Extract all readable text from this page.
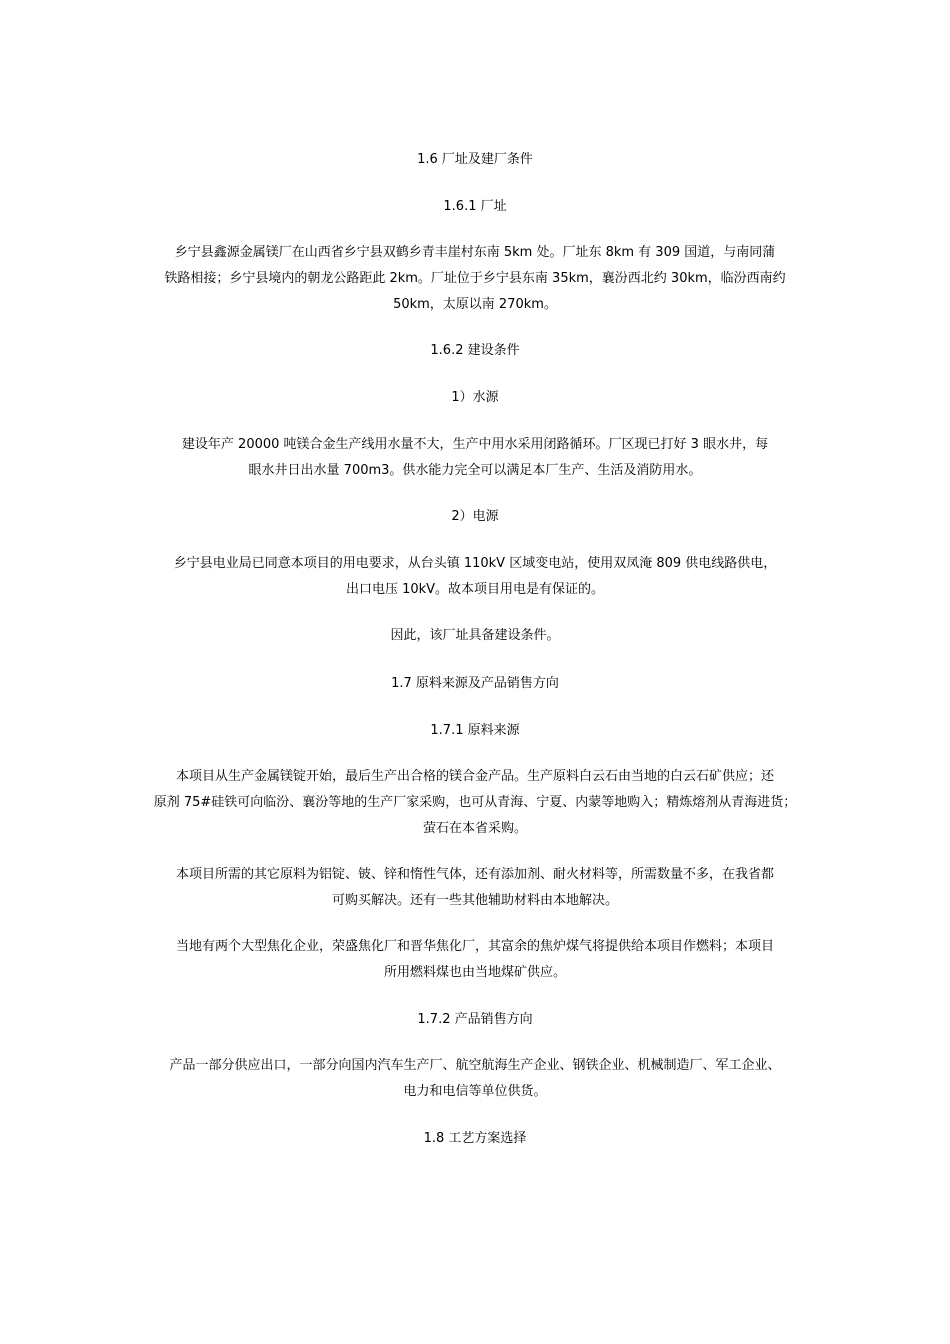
1.6 厂址及建厂条件
1.6.1 厂址
乡宁县鑫源金属镁厂在山西省乡宁县双鹤乡青丰崖村东南 5km 处。厂址东 8km 有 309 国道，与南同蒲
铁路相接；乡宁县境内的朝龙公路距此 2km。厂址位于乡宁县东南 35km，襄汾西北约 30km，临汾西南约
50km，太原以南 270km。
1.6.2 建设条件
1）水源
建设年产 20000 吨镁合金生产线用水量不大，生产中用水采用闭路循环。厂区现已打好 3 眼水井，每
眼水井日出水量 700m3。供水能力完全可以满足本厂生产、生活及消防用水。
2）电源
乡宁县电业局已同意本项目的用电要求，从台头镇 110kV 区域变电站，使用双凤淹 809 供电线路供电，
出口电压 10kV。故本项目用电是有保证的。
因此，该厂址具备建设条件。
1.7 原料来源及产品销售方向
1.7.1 原料来源
本项目从生产金属镁锭开始，最后生产出合格的镁合金产品。生产原料白云石由当地的白云石矿供应；还
原剂 75#硅铁可向临汾、襄汾等地的生产厂家采购，也可从青海、宁夏、内蒙等地购入；精炼熔剂从青海进货；
萤石在本省采购。
本项目所需的其它原料为铝锭、铍、锌和惰性气体，还有添加剂、耐火材料等，所需数量不多，在我省都
可购买解决。还有一些其他辅助材料由本地解决。
当地有两个大型焦化企业，荣盛焦化厂和晋华焦化厂，其富余的焦炉煤气将提供给本项目作燃料；本项目
所用燃料煤也由当地煤矿供应。
1.7.2 产品销售方向
产品一部分供应出口，一部分向国内汽车生产厂、航空航海生产企业、钢铁企业、机械制造厂、军工企业、
电力和电信等单位供货。
1.8 工艺方案选择
